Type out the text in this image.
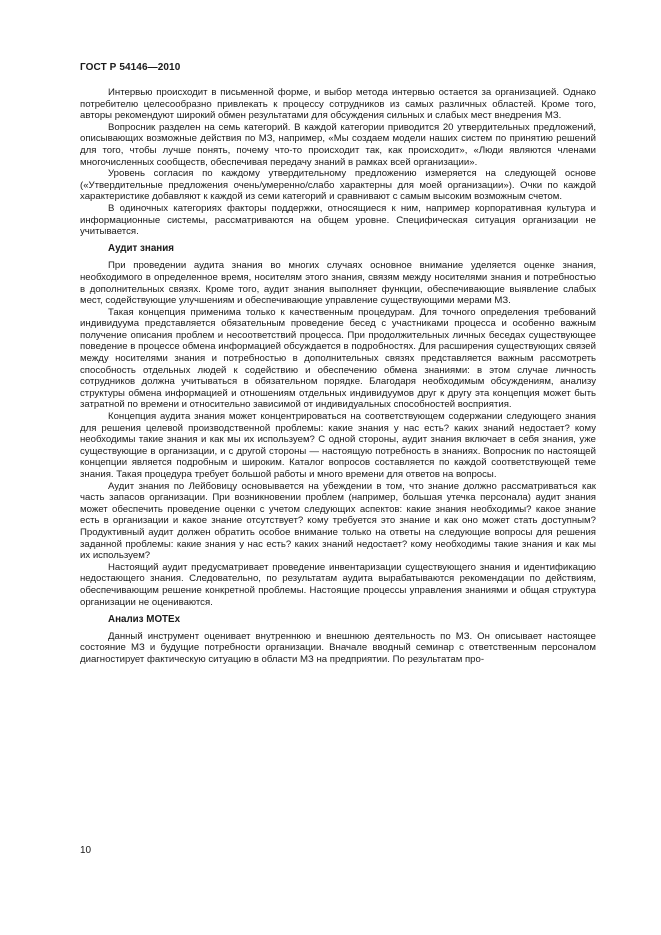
ГОСТ Р 54146—2010

Интервью происходит в письменной форме, и выбор метода интервью остается за организацией. Однако потребителю целесообразно привлекать к процессу сотрудников из самых различных областей. Кроме того, авторы рекомендуют широкий обмен результатами для обсуждения сильных и слабых мест внедрения МЗ.

Вопросник разделен на семь категорий. В каждой категории приводится 20 утвердительных предложений, описывающих возможные действия по МЗ, например, «Мы создаем модели наших систем по принятию решений для того, чтобы лучше понять, почему что-то происходит так, как происходит», «Люди являются членами многочисленных сообществ, обеспечивая передачу знаний в рамках всей организации».

Уровень согласия по каждому утвердительному предложению измеряется на следующей основе («Утвердительные предложения очень/умеренно/слабо характерны для моей организации»). Очки по каждой характеристике добавляют к каждой из семи категорий и сравнивают с самым высоким возможным счетом.

В одиночных категориях факторы поддержки, относящиеся к ним, например корпоративная культура и информационные системы, рассматриваются на общем уровне. Специфическая ситуация организации не учитывается.

Аудит знания

При проведении аудита знания во многих случаях основное внимание уделяется оценке знания, необходимого в определенное время, носителям этого знания, связям между носителями знания и потребностью в дополнительных связях. Кроме того, аудит знания выполняет функции, обеспечивающие выявление слабых мест, содействующие улучшениям и обеспечивающие управление существующими мерами МЗ.

Такая концепция применима только к качественным процедурам. Для точного определения требований индивидуума представляется обязательным проведение бесед с участниками процесса и особенно важным получение описания проблем и несоответствий процесса. При продолжительных личных беседах существующее поведение в процессе обмена информацией обсуждается в подробностях. Для расширения существующих связей между носителями знания и потребностью в дополнительных связях представляется важным рассмотреть способность отдельных людей к содействию и обеспечению обмена знаниями: в этом случае личность сотрудников должна учитываться в обязательном порядке. Благодаря необходимым обсуждениям, анализу структуры обмена информацией и отношениям отдельных индивидуумов друг к другу эта концепция может быть затратной по времени и относительно зависимой от индивидуальных способностей восприятия.

Концепция аудита знания может концентрироваться на соответствующем содержании следующего знания для решения целевой производственной проблемы: какие знания у нас есть? каких знаний недостает? кому необходимы такие знания и как мы их используем? С одной стороны, аудит знания включает в себя знания, уже существующие в организации, и с другой стороны — настоящую потребность в знаниях. Вопросник по настоящей концепции является подробным и широким. Каталог вопросов составляется по каждой соответствующей теме знания. Такая процедура требует большой работы и много времени для ответов на вопросы.

Аудит знания по Лейбовицу основывается на убеждении в том, что знание должно рассматриваться как часть запасов организации. При возникновении проблем (например, большая утечка персонала) аудит знания может обеспечить проведение оценки с учетом следующих аспектов: какие знания необходимы? какое знание есть в организации и какое знание отсутствует? кому требуется это знание и как оно может стать доступным? Продуктивный аудит должен обратить особое внимание только на ответы на следующие вопросы для решения заданной проблемы: какие знания у нас есть? каких знаний недостает? кому необходимы такие знания и как мы их используем?

Настоящий аудит предусматривает проведение инвентаризации существующего знания и идентификацию недостающего знания. Следовательно, по результатам аудита вырабатываются рекомендации по действиям, обеспечивающим решение конкретной проблемы. Настоящие процессы управления знаниями и общая структура организации не оцениваются.

Анализ MOTEx

Данный инструмент оценивает внутреннюю и внешнюю деятельность по МЗ. Он описывает настоящее состояние МЗ и будущие потребности организации. Вначале вводный семинар с ответственным персоналом диагностирует фактическую ситуацию в области МЗ на предприятии. По результатам про-

10
